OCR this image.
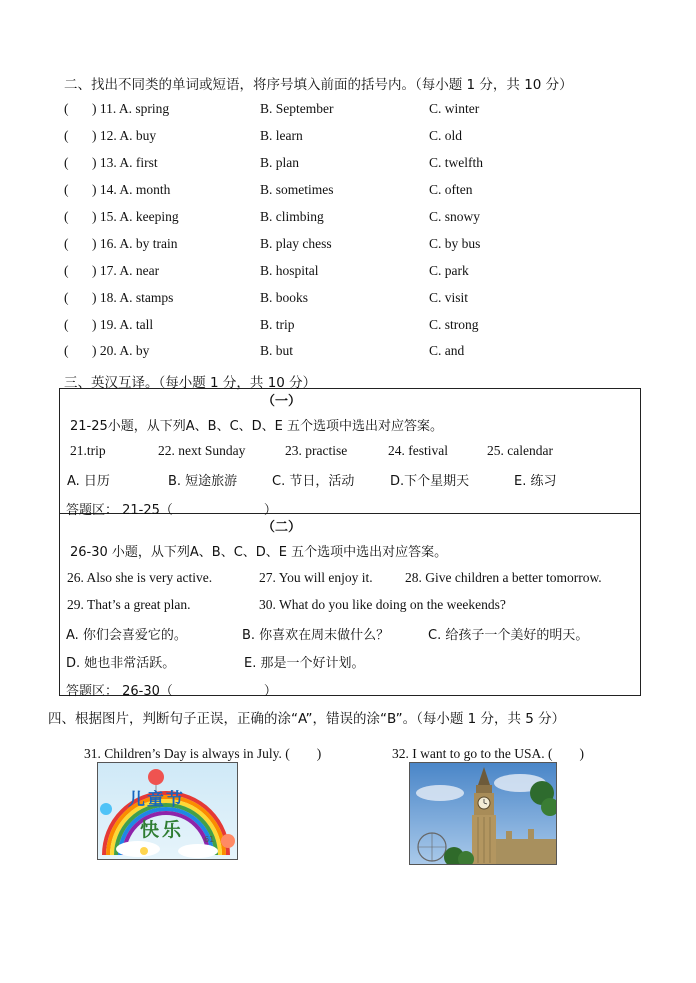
二、找出不同类的单词或短语，将序号填入前面的括号内。（每小题 1 分，共 10 分）
( ) 11. A. spring	B. September	C. winter
( ) 12. A. buy	B. learn	C. old
( ) 13. A. first	B. plan	C. twelfth
( ) 14. A. month	B. sometimes	C. often
( ) 15. A. keeping	B. climbing	C. snowy
( ) 16. A. by train	B. play chess	C. by bus
( ) 17. A. near	B. hospital	C. park
( ) 18. A. stamps	B. books	C. visit
( ) 19. A. tall	B. trip	C. strong
( ) 20. A. by	B. but	C. and
三、英汉互译。（每小题 1 分，共 10 分）
（一）
21-25小题，从下列A、B、C、D、E 五个选项中选出对应答案。
21.trip	22. next Sunday	23. practise	24. festival	25. calendar
A. 日历	B. 短途旅游	C. 节日，活动	D.下个星期天	E. 练习
答题区： 21-25（　　　　　　　）
（二）
26-30 小题，从下列A、B、C、D、E 五个选项中选出对应答案。
26. Also she is very active.	27. You will enjoy it. 28. Give children a better tomorrow.
29. That’s a great plan.	30. What do you like doing on the weekends?
A. 你们会喜爱它的。	B. 你喜欢在周末做什么？	C. 给孩子一个美好的明天。
D. 她也非常活跃。	E. 那是一个好计划。
答题区： 26-30（　　　　　　　）
四、根据图片，判断句子正误，正确的涂“A”，错误的涂“B”。（每小题 1 分，共 5 分）
31. Children’s Day is always in July. (　　)	32. I want to go to the USA. (　　)
儿童节
快乐 61
